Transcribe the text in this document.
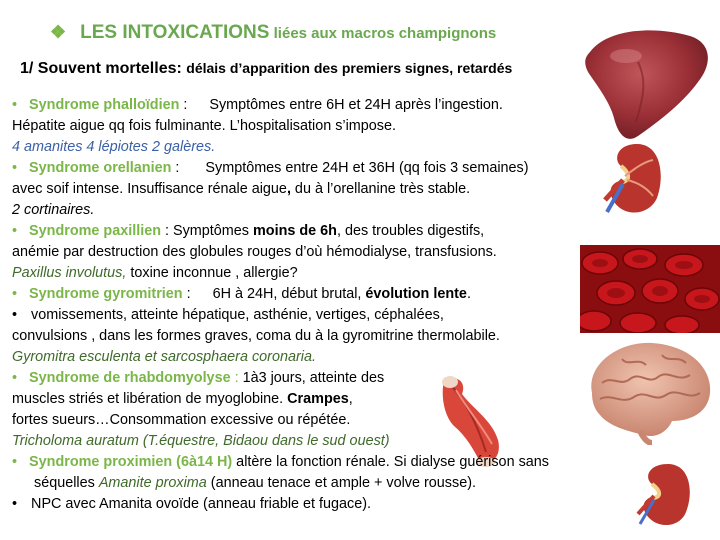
❖ LES INTOXICATIONS liées aux macros champignons
1/ Souvent mortelles: délais d’apparition des premiers signes, retardés
• Syndrome phalloïdien : Symptômes entre 6H et 24H après l’ingestion.
Hépatite aigue qq fois fulminante. L’hospitalisation s’impose.
4 amanites 4 lépiotes 2 galères.
• Syndrome orellanien : Symptômes entre 24H et 36H (qq fois 3 semaines)
avec soif intense. Insuffisance rénale aigue, du à l’orellanine très stable.
2 cortinaires.
• Syndrome paxillien : Symptômes moins de 6h, des troubles digestifs,
anémie par destruction des globules rouges d’où hémodialyse, transfusions.
Paxillus involutus, toxine inconnue , allergie?
• Syndrome gyromitrien : 6H à 24H, début brutal, évolution lente.
• vomissements, atteinte hépatique, asthénie, vertiges, céphalées,
convulsions , dans les formes graves, coma du à la gyromitrine thermolabile.
Gyromitra esculenta et sarcosphaera coronaria.
• Syndrome de rhabdomyolyse : 1à3 jours, atteinte des
muscles striés et libération de myoglobine. Crampes,
fortes sueurs…Consommation excessive ou répétée.
Tricholoma auratum (T.équestre, Bidaou dans le sud ouest)
• Syndrome proximien (6à14 H) altère la fonction rénale. Si dialyse guérison sans
séquelles Amanite proxima (anneau tenace et ample + volve rousse).
• NPC avec Amanita ovoïde (anneau friable et fugace).
